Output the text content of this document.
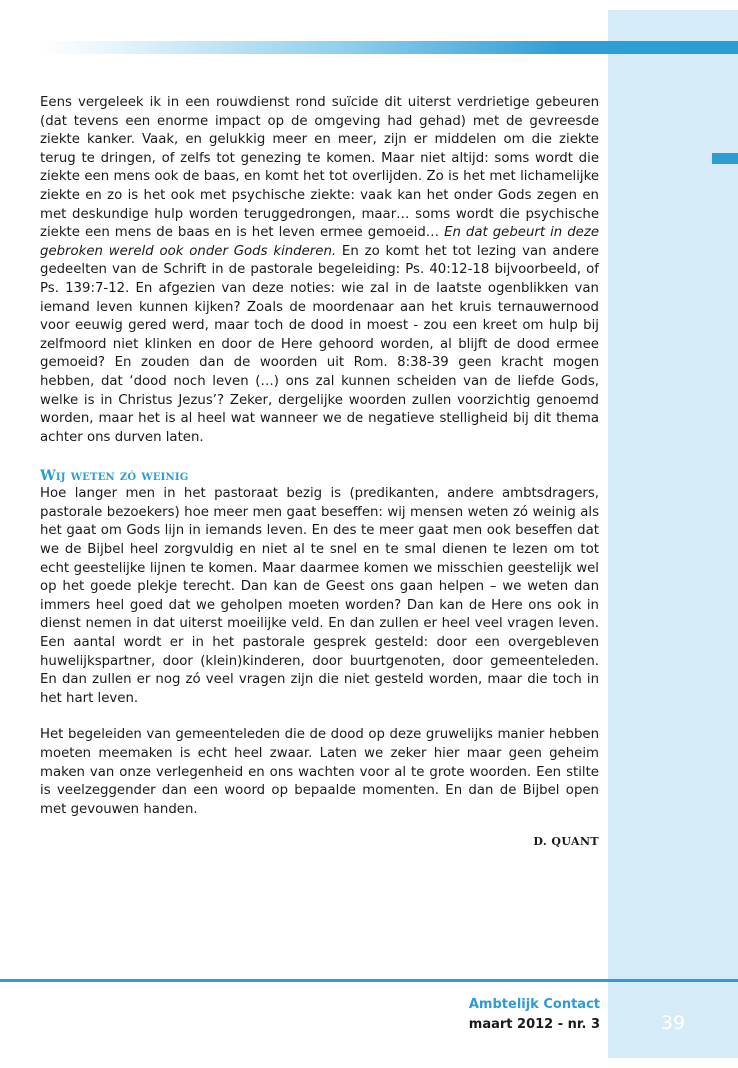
Eens vergeleek ik in een rouwdienst rond suïcide dit uiterst verdrietige gebeuren (dat tevens een enorme impact op de omgeving had gehad) met de gevreesde ziekte kanker. Vaak, en gelukkig meer en meer, zijn er middelen om die ziekte terug te dringen, of zelfs tot genezing te komen. Maar niet altijd: soms wordt die ziekte een mens ook de baas, en komt het tot overlijden. Zo is het met lichamelijke ziekte en zo is het ook met psychische ziekte: vaak kan het onder Gods zegen en met deskundige hulp worden teruggedrongen, maar… soms wordt die psychische ziekte een mens de baas en is het leven ermee gemoeid… En dat gebeurt in deze gebroken wereld ook onder Gods kinderen. En zo komt het tot lezing van andere gedeelten van de Schrift in de pastorale begeleiding: Ps. 40:12-18 bijvoorbeeld, of Ps. 139:7-12. En afgezien van deze noties: wie zal in de laatste ogenblikken van iemand leven kunnen kijken? Zoals de moordenaar aan het kruis ternauwernood voor eeuwig gered werd, maar toch de dood in moest - zou een kreet om hulp bij zelfmoord niet klinken en door de Here gehoord worden, al blijft de dood ermee gemoeid? En zouden dan de woorden uit Rom. 8:38-39 geen kracht mogen hebben, dat ‘dood noch leven (…) ons zal kunnen scheiden van de liefde Gods, welke is in Christus Jezus’? Zeker, dergelijke woorden zullen voorzichtig genoemd worden, maar het is al heel wat wanneer we de negatieve stelligheid bij dit thema achter ons durven laten.

Wij weten zó weinig

Hoe langer men in het pastoraat bezig is (predikanten, andere ambtsdragers, pastorale bezoekers) hoe meer men gaat beseffen: wij mensen weten zó weinig als het gaat om Gods lijn in iemands leven. En des te meer gaat men ook beseffen dat we de Bijbel heel zorgvuldig en niet al te snel en te smal dienen te lezen om tot echt geestelijke lijnen te komen. Maar daarmee komen we misschien geestelijk wel op het goede plekje terecht. Dan kan de Geest ons gaan helpen – we weten dan immers heel goed dat we geholpen moeten worden? Dan kan de Here ons ook in dienst nemen in dat uiterst moeilijke veld. En dan zullen er heel veel vragen leven. Een aantal wordt er in het pastorale gesprek gesteld: door een overgebleven huwelijkspartner, door (klein)kinderen, door buurtgenoten, door gemeenteleden. En dan zullen er nog zó veel vragen zijn die niet gesteld worden, maar die toch in het hart leven.

Het begeleiden van gemeenteleden die de dood op deze gruwelijks manier hebben moeten meemaken is echt heel zwaar. Laten we zeker hier maar geen geheim maken van onze verlegenheid en ons wachten voor al te grote woorden. Een stilte is veelzeggender dan een woord op bepaalde momenten. En dan de Bijbel open met gevouwen handen.

D. QUANT
Ambtelijk Contact
maart 2012 - nr. 3	39
